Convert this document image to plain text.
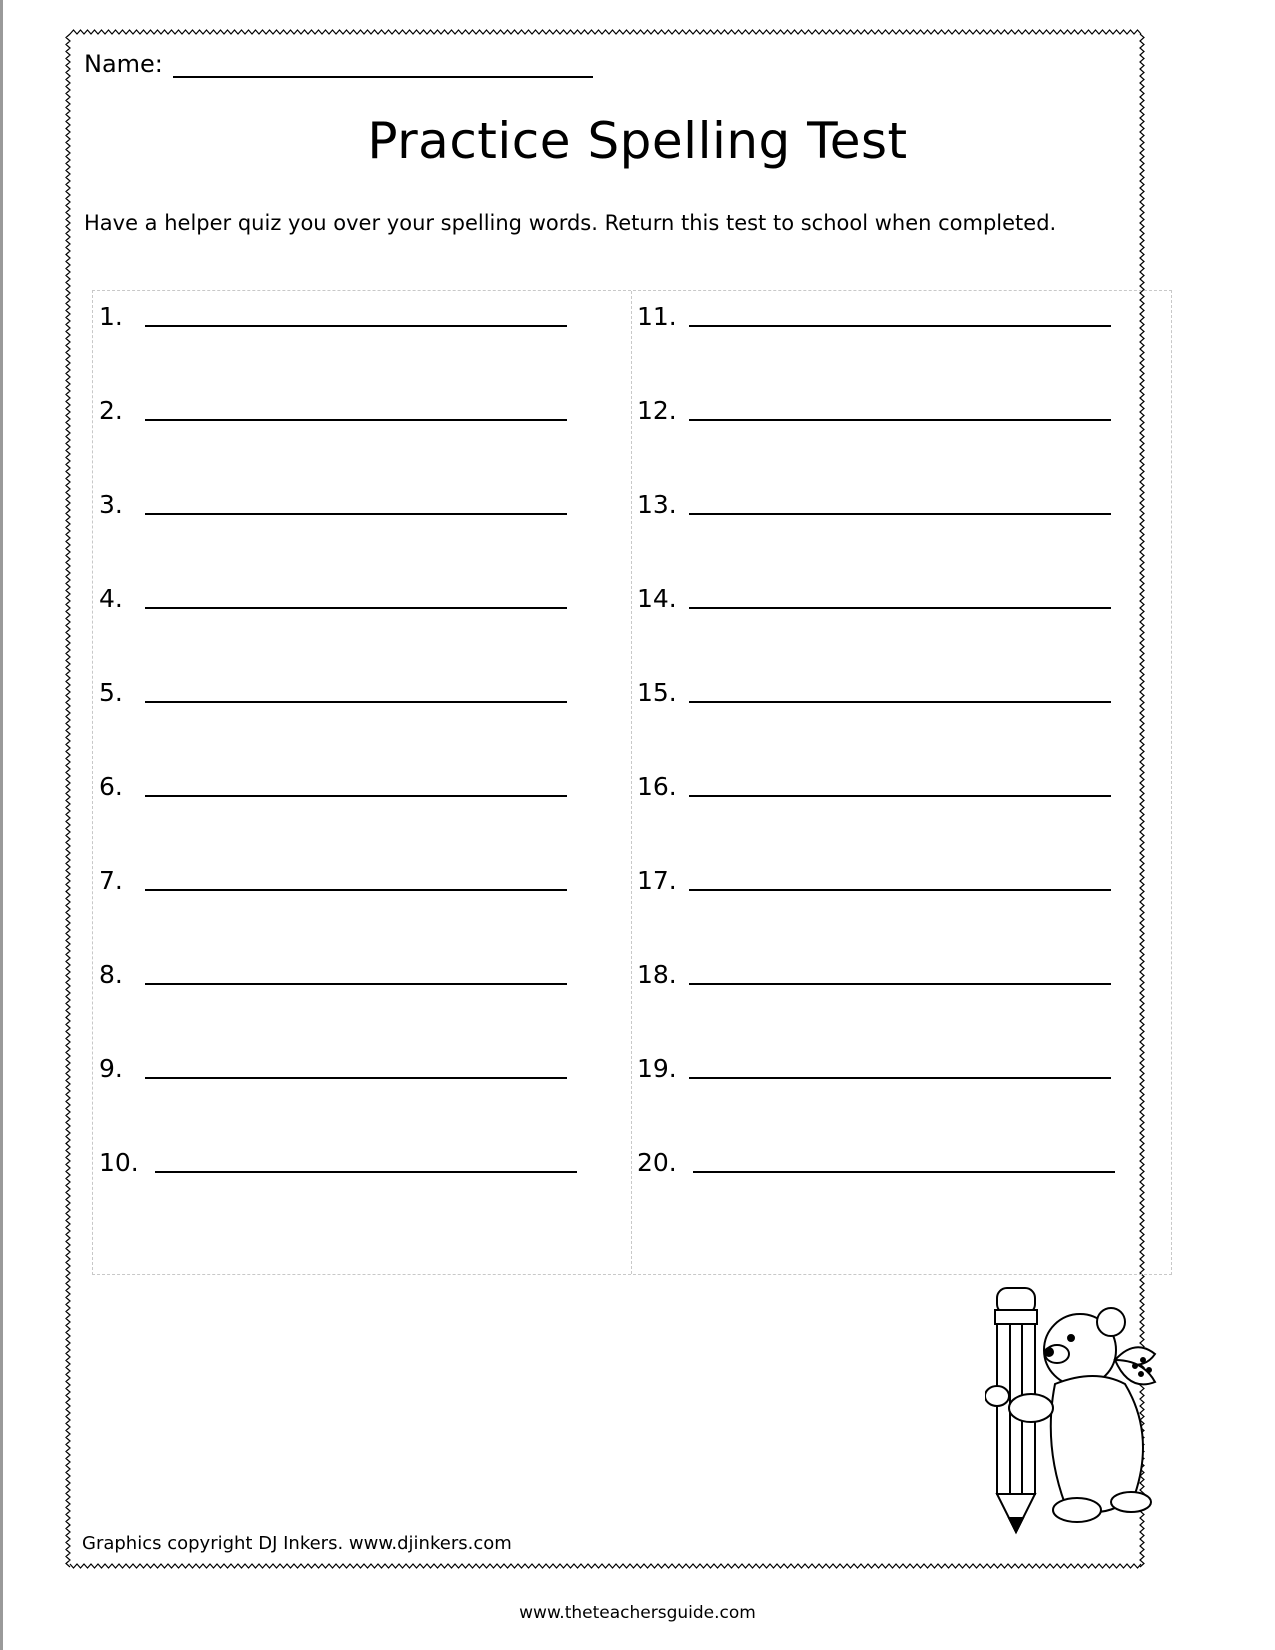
Name:
Practice Spelling Test
Have a helper quiz you over your spelling words. Return this test to school when completed.
1.
2.
3.
4.
5.
6.
7.
8.
9.
10.
11.
12.
13.
14.
15.
16.
17.
18.
19.
20.
Graphics copyright DJ Inkers. www.djinkers.com
www.theteachersguide.com
